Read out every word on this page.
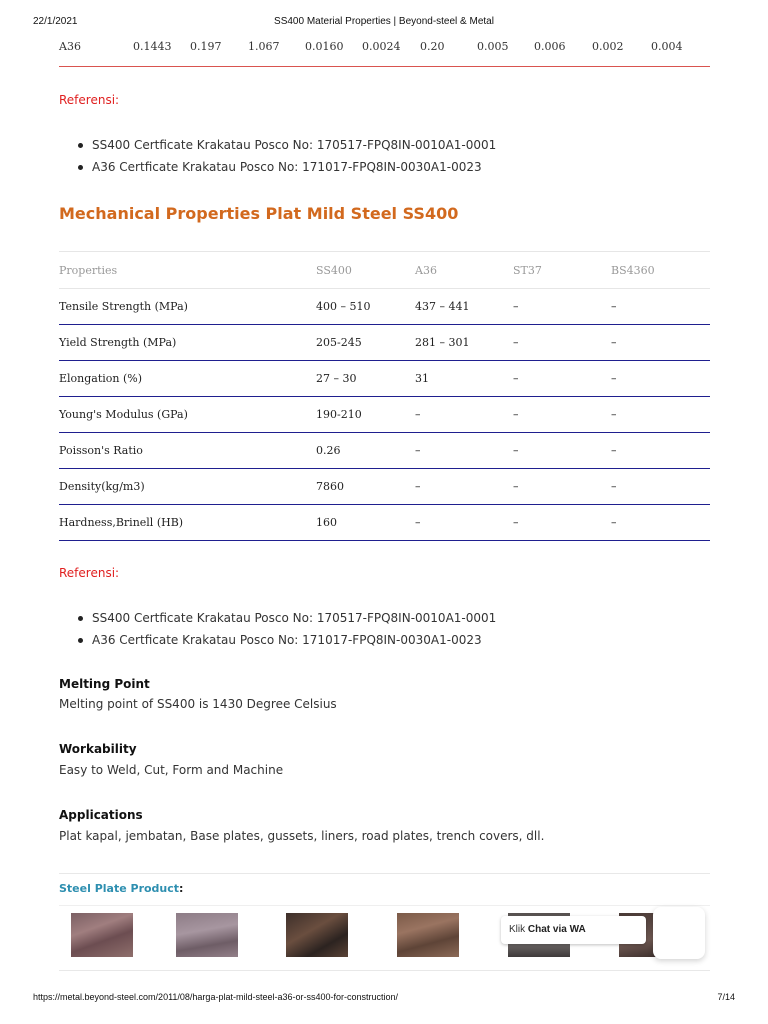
22/1/2021	SS400 Material Properties | Beyond-steel & Metal
A36	0.1443 0.197 1.067 0.0160 0.0024 0.20	0.005 0.006 0.002	0.004
Referensi:
SS400 Certficate Krakatau Posco No: 170517-FPQ8IN-0010A1-0001
A36 Certficate Krakatau Posco No: 171017-FPQ8IN-0030A1-0023
Mechanical Properties Plat Mild Steel SS400
Properties	SS400	A36	ST37	BS4360
Tensile Strength (MPa)	400 – 510	437 – 441	–	–
Yield Strength (MPa)	205-245	281 – 301	–	–
Elongation (%)	27 – 30	31	–	–
Young's Modulus (GPa)	190-210	–	–	–
Poisson's Ratio	0.26	–	–	–
Density(kg/m3)	7860	–	–	–
Hardness,Brinell (HB)	160	–	–	–
Referensi:
SS400 Certficate Krakatau Posco No: 170517-FPQ8IN-0010A1-0001
A36 Certficate Krakatau Posco No: 171017-FPQ8IN-0030A1-0023
Melting Point
Melting point of SS400 is 1430 Degree Celsius
Workability
Easy to Weld, Cut, Form and Machine
Applications
Plat kapal, jembatan, Base plates, gussets, liners, road plates, trench covers, dll.
Steel Plate Product:
Klik Chat via WA
https://metal.beyond-steel.com/2011/08/harga-plat-mild-steel-a36-or-ss400-for-construction/	7/14
